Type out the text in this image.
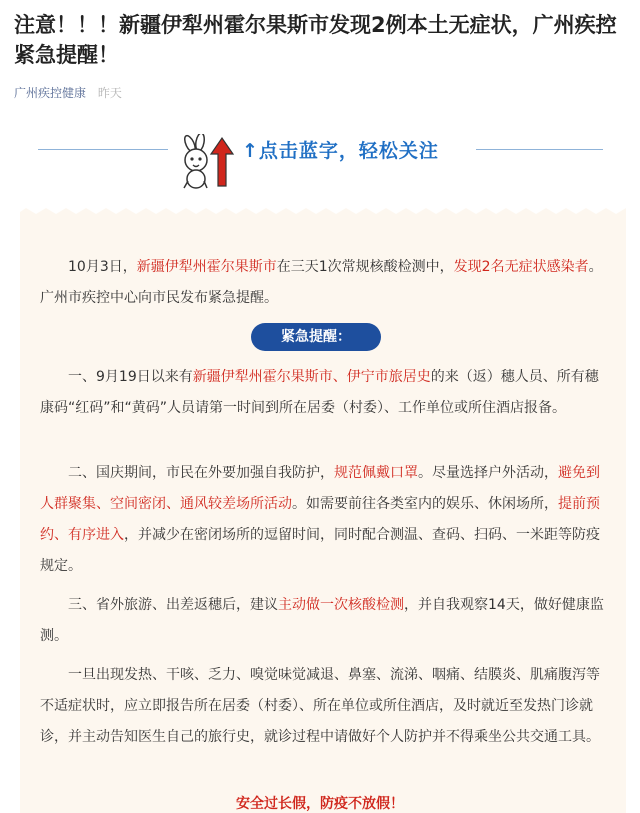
注意！！！新疆伊犁州霍尔果斯市发现2例本土无症状，广州疾控紧急提醒！
广州疾控健康 昨天
↑点击蓝字，轻松关注

10月3日，新疆伊犁州霍尔果斯市在三天1次常规核酸检测中，发现2名无症状感染者。广州市疾控中心向市民发布紧急提醒。

紧急提醒：

一、9月19日以来有新疆伊犁州霍尔果斯市、伊宁市旅居史的来（返）穗人员、所有穗康码“红码”和“黄码”人员请第一时间到所在居委（村委）、工作单位或所住酒店报备。

二、国庆期间，市民在外要加强自我防护，规范佩戴口罩。尽量选择户外活动，避免到人群聚集、空间密闭、通风较差场所活动。如需要前往各类室内的娱乐、休闲场所，提前预约、有序进入，并减少在密闭场所的逗留时间，同时配合测温、查码、扫码、一米距等防疫规定。

三、省外旅游、出差返穗后，建议主动做一次核酸检测，并自我观察14天，做好健康监测。

一旦出现发热、干咳、乏力、嗅觉味觉减退、鼻塞、流涕、咽痛、结膜炎、肌痛腹泻等不适症状时，应立即报告所在居委（村委）、所在单位或所住酒店，及时就近至发热门诊就诊，并主动告知医生自己的旅行史，就诊过程中请做好个人防护并不得乘坐公共交通工具。

安全过长假，防疫不放假！
